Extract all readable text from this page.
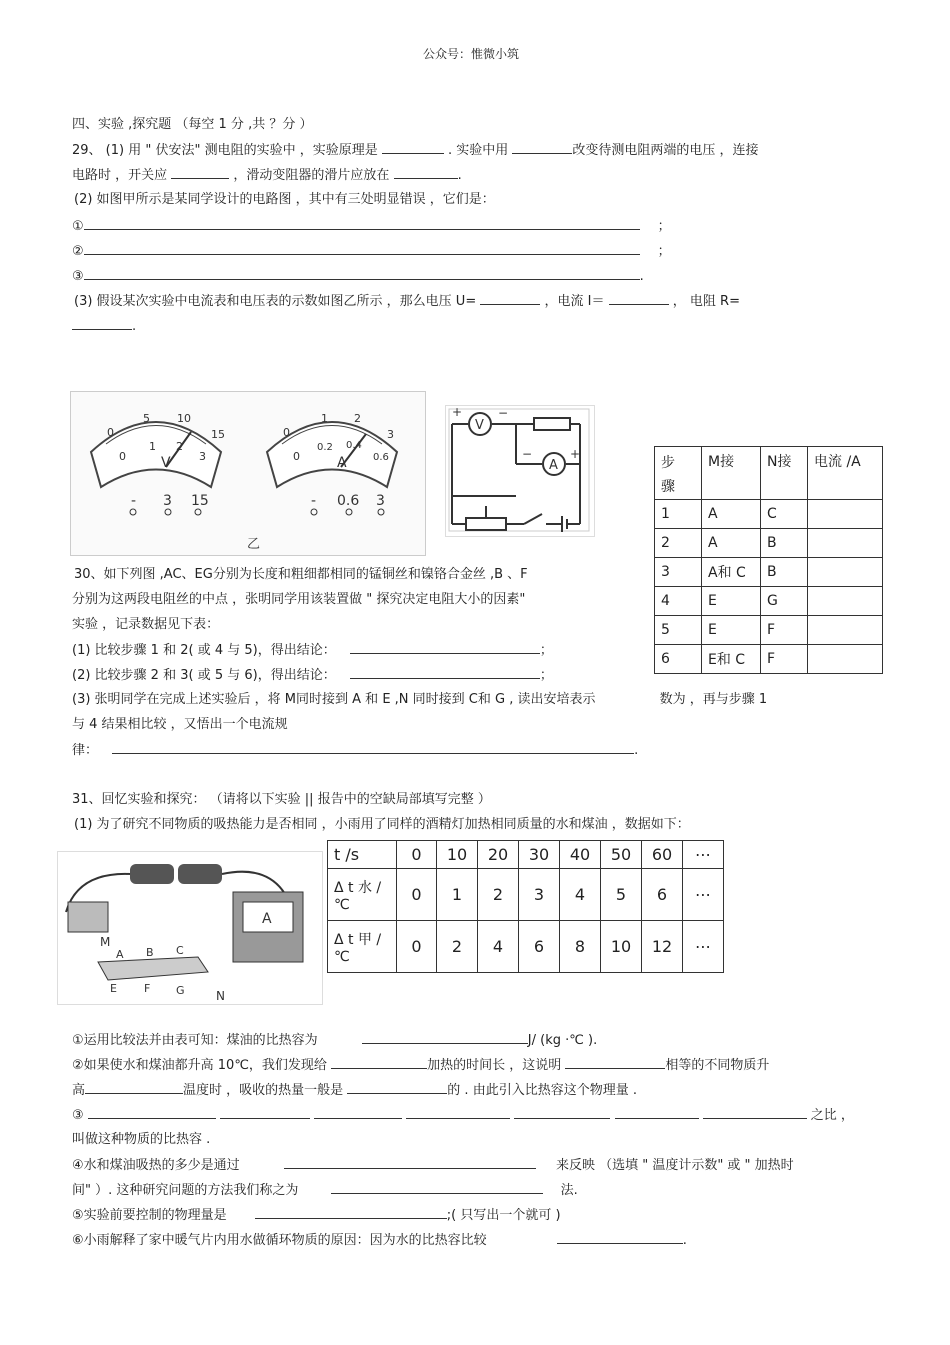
公众号：惟微小筑
四、实验 ,探究题 （每空 1 分 ,共 ？分 ）
29、 (1) 用 " 伏安法" 测电阻的实验中 ，实验原理是	. 实验中用	改变待测电阻两端的电压 ，连接
电路时 ，开关应	，滑动变阻器的滑片应放在	.
(2) 如图甲所示是某同学设计的电路图 ，其中有三处明显错误 ，它们是：
①	；
②	；
③	.
(3) 假设某次实验中电流表和电压表的示数如图乙所示 ，那么电压 U=	，电流 I＝	， 电阻 R=
.
0
5 10
15
0
1 2
3
V
- 3 15
0
1 2
3
0
0.2 0.4
0.6
A
- 0.6 3
乙
V
A
+	−
−	+
步
骤	M接	N接	电流 /A
1	A	C	
2	A	B	
3	A和 C	B	
4	E	G	
5	E	F	
6	E和 C	F	
30、如下列图 ,AC、EG分别为长度和粗细都相同的锰铜丝和镍铬合金丝 ,B 、F
分别为这两段电阻丝的中点 ，张明同学用该装置做 " 探究决定电阻大小的因素"
实验 ，记录数据见下表：
(1) 比较步骤 1 和 2( 或 4 与 5)，得出结论：	；
(2) 比较步骤 2 和 3( 或 5 与 6)，得出结论：	；
(3) 张明同学在完成上述实验后 ，将 M同时接到 A 和 E ,N 同时接到 C和 G , 读出安培表示	数为 ，再与步骤 1
与 4 结果相比较 ，又悟出一个电流规
律：	.
31、回忆实验和探究： （请将以下实验 || 报告中的空缺局部填写完整 ）
(1) 为了研究不同物质的吸热能力是否相同 ，小雨用了同样的酒精灯加热相同质量的水和煤油 ，数据如下：
A
M
A B C
E F G	N
t /s	0	10	20	30	40	50	60	⋯
Δ t 水 / ℃	0	1	2	3	4	5	6	⋯
Δ t 甲 / ℃	0	2	4	6	8	10	12	⋯
①运用比较法并由表可知：煤油的比热容为	J/ (kg ·℃ ).
②如果使水和煤油都升高 10℃，我们发现给	加热的时间长 ，这说明	相等的不同物质升
高	温度时 ，吸收的热量一般是	的 . 由此引入比热容这个物理量 .
③	之比 ，
叫做这种物质的比热容 .
④水和煤油吸热的多少是通过	来反映 （选填 " 温度计示数" 或 " 加热时
间" ）. 这种研究问题的方法我们称之为	法.
⑤实验前要控制的物理量是	;( 只写出一个就可 )
⑥小雨解释了家中暖气片内用水做循环物质的原因：因为水的比热容比较	.
